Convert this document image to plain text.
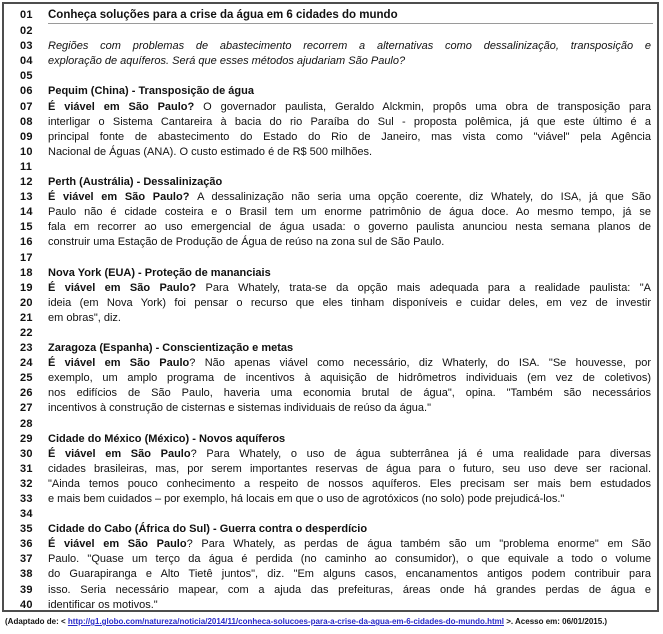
01	Conheça soluções para a crise da água em 6 cidades do mundo
02
03	Regiões com problemas de abastecimento recorrem a alternativas como dessalinização, transposição e
04	exploração de aquíferos. Será que esses métodos ajudariam São Paulo?
05
06	Pequim (China) - Transposição de água
07	É viável em São Paulo? O governador paulista, Geraldo Alckmin, propôs uma obra de transposição para
08	interligar o Sistema Cantareira à bacia do rio Paraíba do Sul - proposta polêmica, já que este último é a
09	principal fonte de abastecimento do Estado do Rio de Janeiro, mas vista como "viável" pela Agência
10	Nacional de Águas (ANA). O custo estimado é de R$ 500 milhões.
11
12	Perth (Austrália) - Dessalinização
13	É viável em São Paulo? A dessalinização não seria uma opção coerente, diz Whately, do ISA, já que São
14	Paulo não é cidade costeira e o Brasil tem um enorme patrimônio de água doce. Ao mesmo tempo, já se
15	fala em recorrer ao uso emergencial de água usada: o governo paulista anunciou nesta semana planos de
16	construir uma Estação de Produção de Água de reúso na zona sul de São Paulo.
17
18	Nova York (EUA) - Proteção de mananciais
19	É viável em São Paulo? Para Whately, trata-se da opção mais adequada para a realidade paulista: "A
20	ideia (em Nova York) foi pensar o recurso que eles tinham disponíveis e cuidar deles, em vez de investir
21	em obras", diz.
22
23	Zaragoza (Espanha) - Conscientização e metas
24	É viável em São Paulo? Não apenas viável como necessário, diz Whaterly, do ISA. "Se houvesse, por
25	exemplo, um amplo programa de incentivos à aquisição de hidrômetros individuais (em vez de coletivos)
26	nos edifícios de São Paulo, haveria uma economia brutal de água", opina. "Também são necessários
27	incentivos à construção de cisternas e sistemas individuais de reúso da água."
28
29	Cidade do México (México) - Novos aquíferos
30	É viável em São Paulo? Para Whately, o uso de água subterrânea já é uma realidade para diversas
31	cidades brasileiras, mas, por serem importantes reservas de água para o futuro, seu uso deve ser racional.
32	"Ainda temos pouco conhecimento a respeito de nossos aquíferos. Eles precisam ser mais bem estudados
33	e mais bem cuidados – por exemplo, há locais em que o uso de agrotóxicos (no solo) pode prejudicá-los."
34
35	Cidade do Cabo (África do Sul) - Guerra contra o desperdício
36	É viável em São Paulo? Para Whately, as perdas de água também são um "problema enorme" em São
37	Paulo. "Quase um terço da água é perdida (no caminho ao consumidor), o que equivale a todo o volume
38	do Guarapiranga e Alto Tietê juntos", diz. "Em alguns casos, encanamentos antigos podem contribuir para
39	isso. Seria necessário mapear, com a ajuda das prefeituras, áreas onde há grandes perdas de água e
40	identificar os motivos."
(Adaptado de: < http://g1.globo.com/natureza/noticia/2014/11/conheca-solucoes-para-a-crise-da-agua-em-6-cidades-do-mundo.html >. Acesso em: 06/01/2015.)
